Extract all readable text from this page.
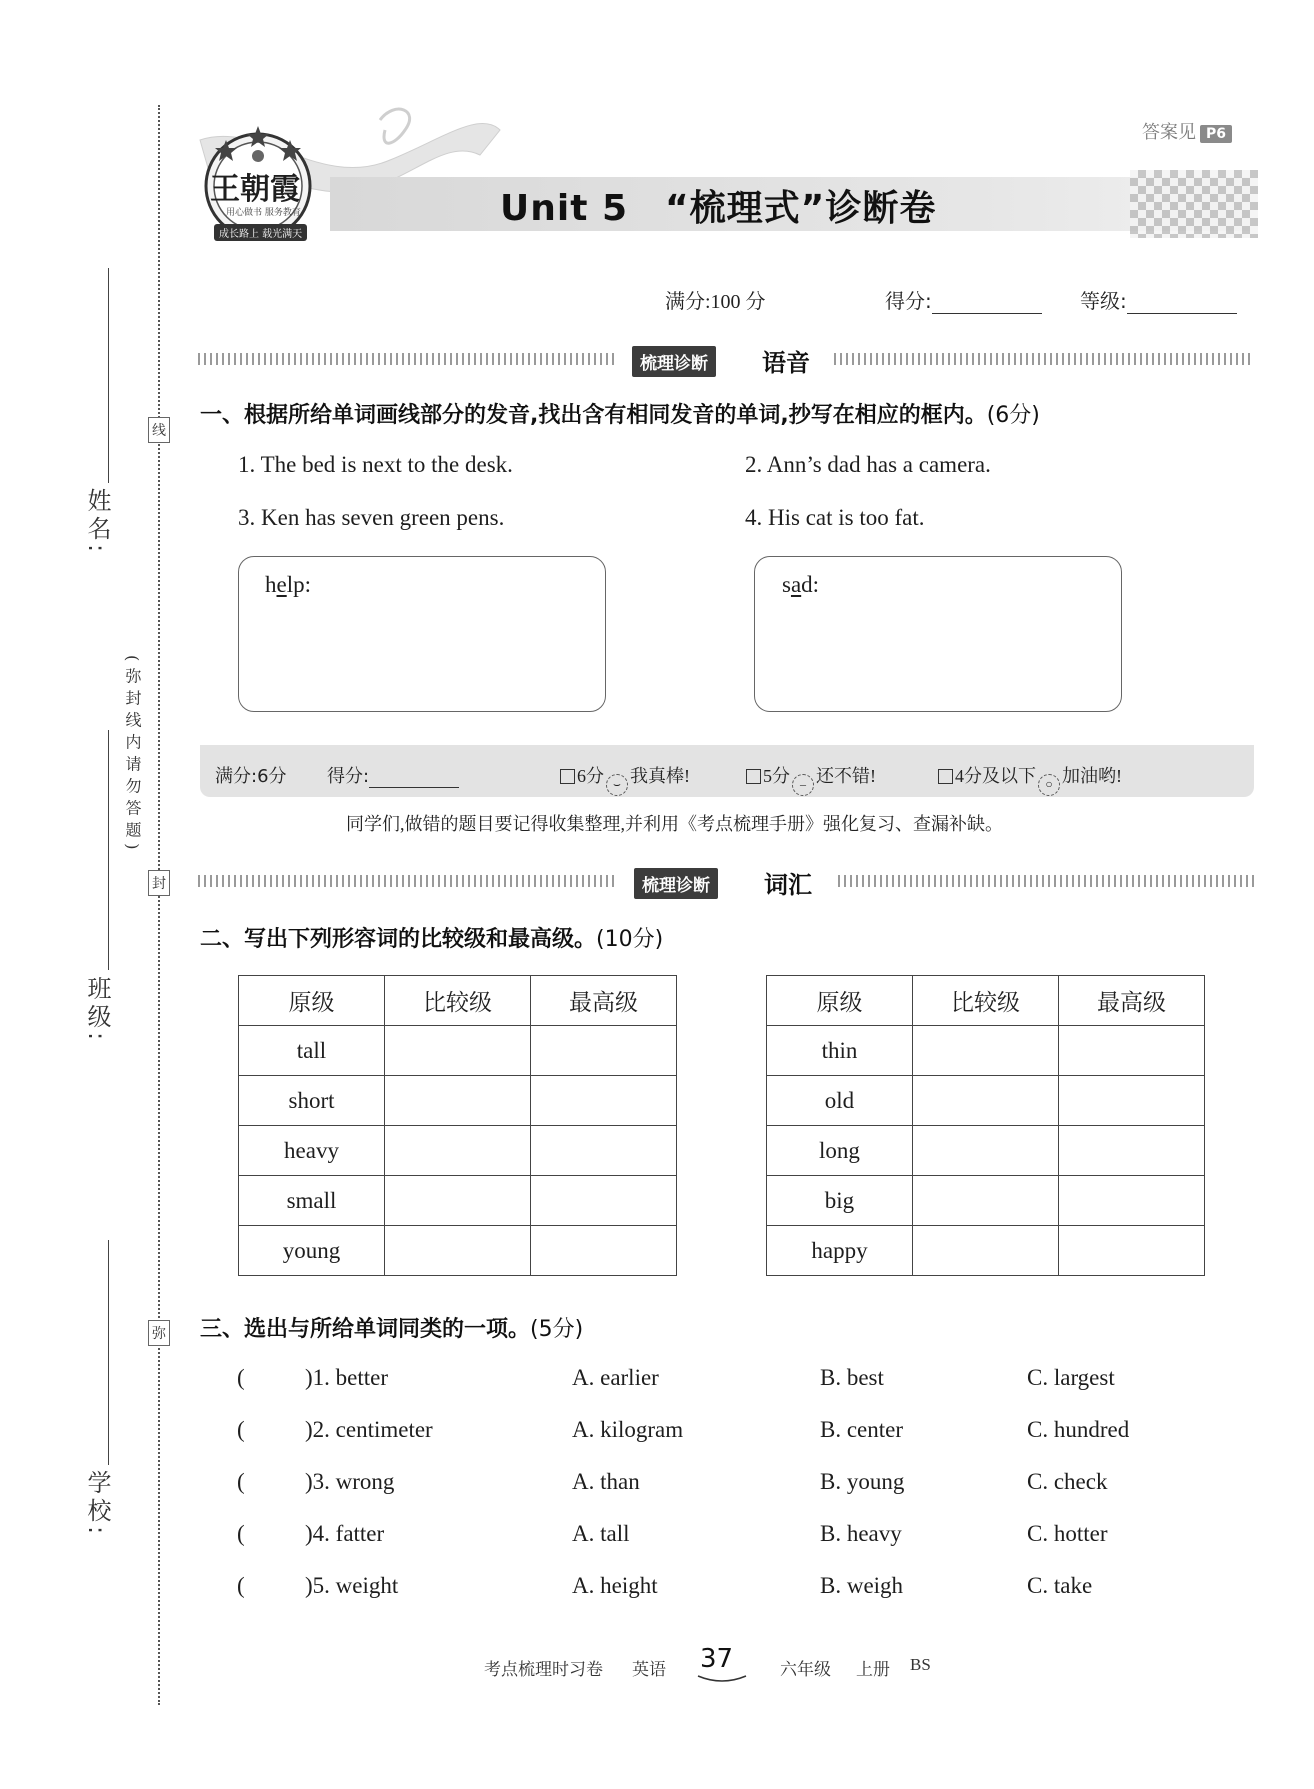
姓名:
班级:
学校:
线
封
弥
(弥封线内请勿答题)
王朝霞
用心做书 服务教育
成长路上 载光满天
答案见 P6
Unit 5　“梳理式”诊断卷
满分:100 分	得分:	等级:
梳理诊断	语音
一、根据所给单词画线部分的发音,找出含有相同发音的单词,抄写在相应的框内。(6分)
1. The bed is next to the desk.	2. Ann’s dad has a camera.
3. Ken has seven green pens.	4. His cat is too fat.
help:	sad:
满分:6分 得分:	6分 ⌣ 我真棒!	5分 – 还不错!	4分及以下 ○ 加油哟!
同学们,做错的题目要记得收集整理,并利用《考点梳理手册》强化复习、查漏补缺。
梳理诊断	词汇
二、写出下列形容词的比较级和最高级。(10分)
原级	比较级	最高级
tall		
short		
heavy		
small		
young		
原级	比较级	最高级
thin		
old		
long		
big		
happy		
三、选出与所给单词同类的一项。(5分)
(	)1. better	A. earlier	B. best	C. largest
(	)2. centimeter	A. kilogram	B. center	C. hundred
(	)3. wrong	A. than	B. young	C. check
(	)4. fatter	A. tall	B. heavy	C. hotter
(	)5. weight	A. height	B. weigh	C. take
考点梳理时习卷 英语 37	六年级 上册 BS
